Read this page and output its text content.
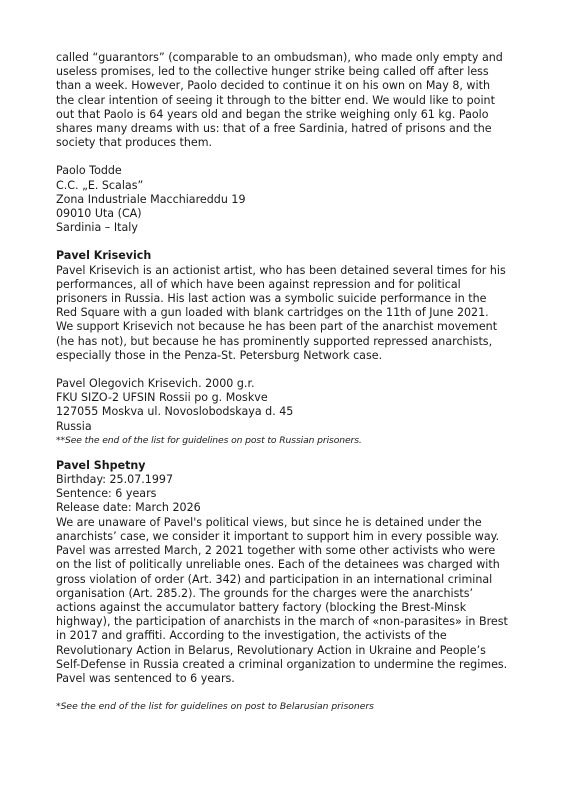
called “guarantors” (comparable to an ombudsman), who made only empty and useless promises, led to the collective hunger strike being called off after less than a week. However, Paolo decided to continue it on his own on May 8, with the clear intention of seeing it through to the bitter end. We would like to point out that Paolo is 64 years old and began the strike weighing only 61 kg. Paolo shares many dreams with us: that of a free Sardinia, hatred of prisons and the society that produces them.

Paolo Todde
C.C. „E. Scalas”
Zona Industriale Macchiareddu 19
09010 Uta (CA)
Sardinia – Italy

Pavel Krisevich

Pavel Krisevich is an actionist artist, who has been detained several times for his performances, all of which have been against repression and for political prisoners in Russia. His last action was a symbolic suicide performance in the Red Square with a gun loaded with blank cartridges on the 11th of June 2021. We support Krisevich not because he has been part of the anarchist movement (he has not), but because he has prominently supported repressed anarchists, especially those in the Penza-St. Petersburg Network case.

Pavel Olegovich Krisevich. 2000 g.r.
FKU SIZO-2 UFSIN Rossii po g. Moskve
127055 Moskva ul. Novoslobodskaya d. 45
Russia

**See the end of the list for guidelines on post to Russian prisoners.

Pavel Shpetny

Birthday: 25.07.1997

Sentence: 6 years

Release date: March 2026

We are unaware of Pavel's political views, but since he is detained under the anarchists’ case, we consider it important to support him in every possible way. Pavel was arrested March, 2 2021 together with some other activists who were on the list of politically unreliable ones. Each of the detainees was charged with gross violation of order (Art. 342) and participation in an international criminal organisation (Art. 285.2). The grounds for the charges were the anarchists’ actions against the accumulator battery factory (blocking the Brest-Minsk highway), the participation of anarchists in the march of «non-parasites» in Brest in 2017 and graffiti. According to the investigation, the activists of the Revolutionary Action in Belarus, Revolutionary Action in Ukraine and People’s Self-Defense in Russia created a criminal organization to undermine the regimes. Pavel was sentenced to 6 years.

*See the end of the list for guidelines on post to Belarusian prisoners
